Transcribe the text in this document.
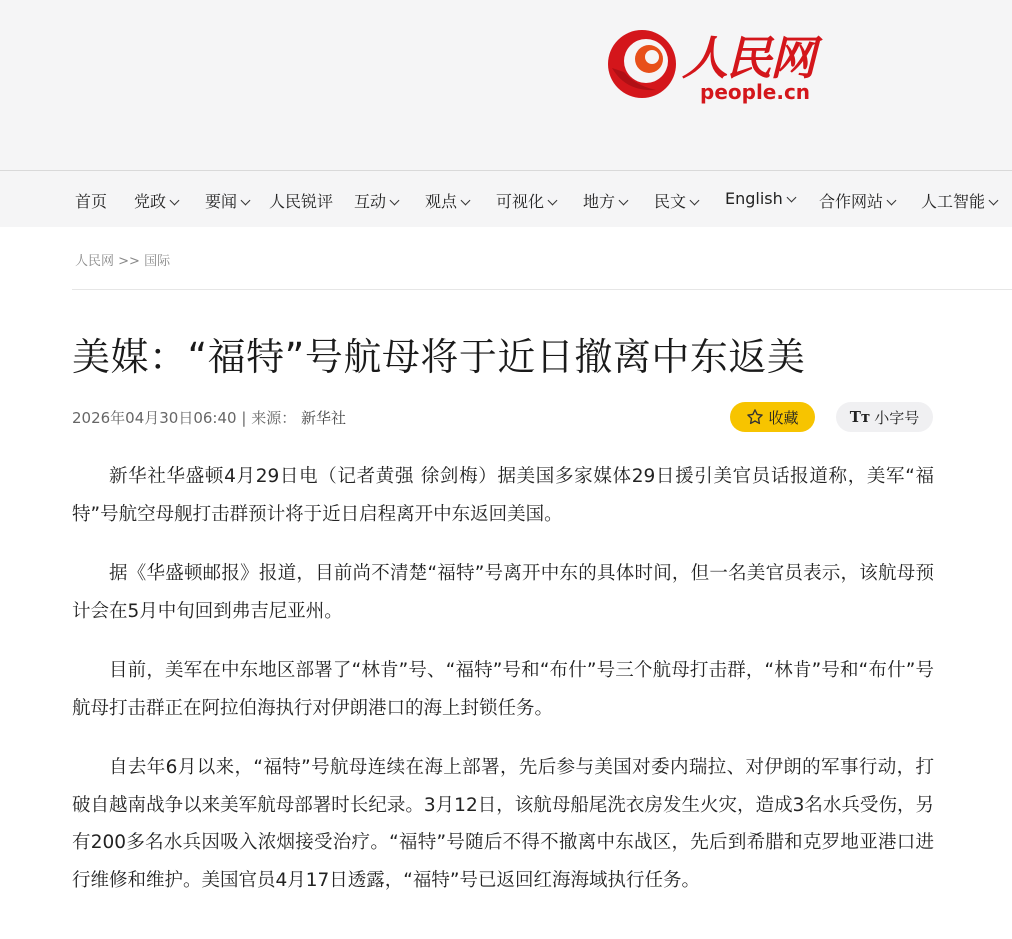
人民网
people.cn
首页 党政	要闻	人民锐评 互动	观点	可视化	地方	民文	English	合作网站	人工智能
人民网 >> 国际
美媒：“福特”号航母将于近日撤离中东返美
2026年04月30日06:40 | 来源： 新华社	收藏	Tт 小字号

新华社华盛顿4月29日电（记者黄强 徐剑梅）据美国多家媒体29日援引美官员话报道称，美军“福特”号航空母舰打击群预计将于近日启程离开中东返回美国。

据《华盛顿邮报》报道，目前尚不清楚“福特”号离开中东的具体时间，但一名美官员表示，该航母预计会在5月中旬回到弗吉尼亚州。

目前，美军在中东地区部署了“林肯”号、“福特”号和“布什”号三个航母打击群，“林肯”号和“布什”号航母打击群正在阿拉伯海执行对伊朗港口的海上封锁任务。

自去年6月以来，“福特”号航母连续在海上部署，先后参与美国对委内瑞拉、对伊朗的军事行动，打破自越南战争以来美军航母部署时长纪录。3月12日，该航母船尾洗衣房发生火灾，造成3名水兵受伤，另有200多名水兵因吸入浓烟接受治疗。“福特”号随后不得不撤离中东战区，先后到希腊和克罗地亚港口进行维修和维护。美国官员4月17日透露，“福特”号已返回红海海域执行任务。
